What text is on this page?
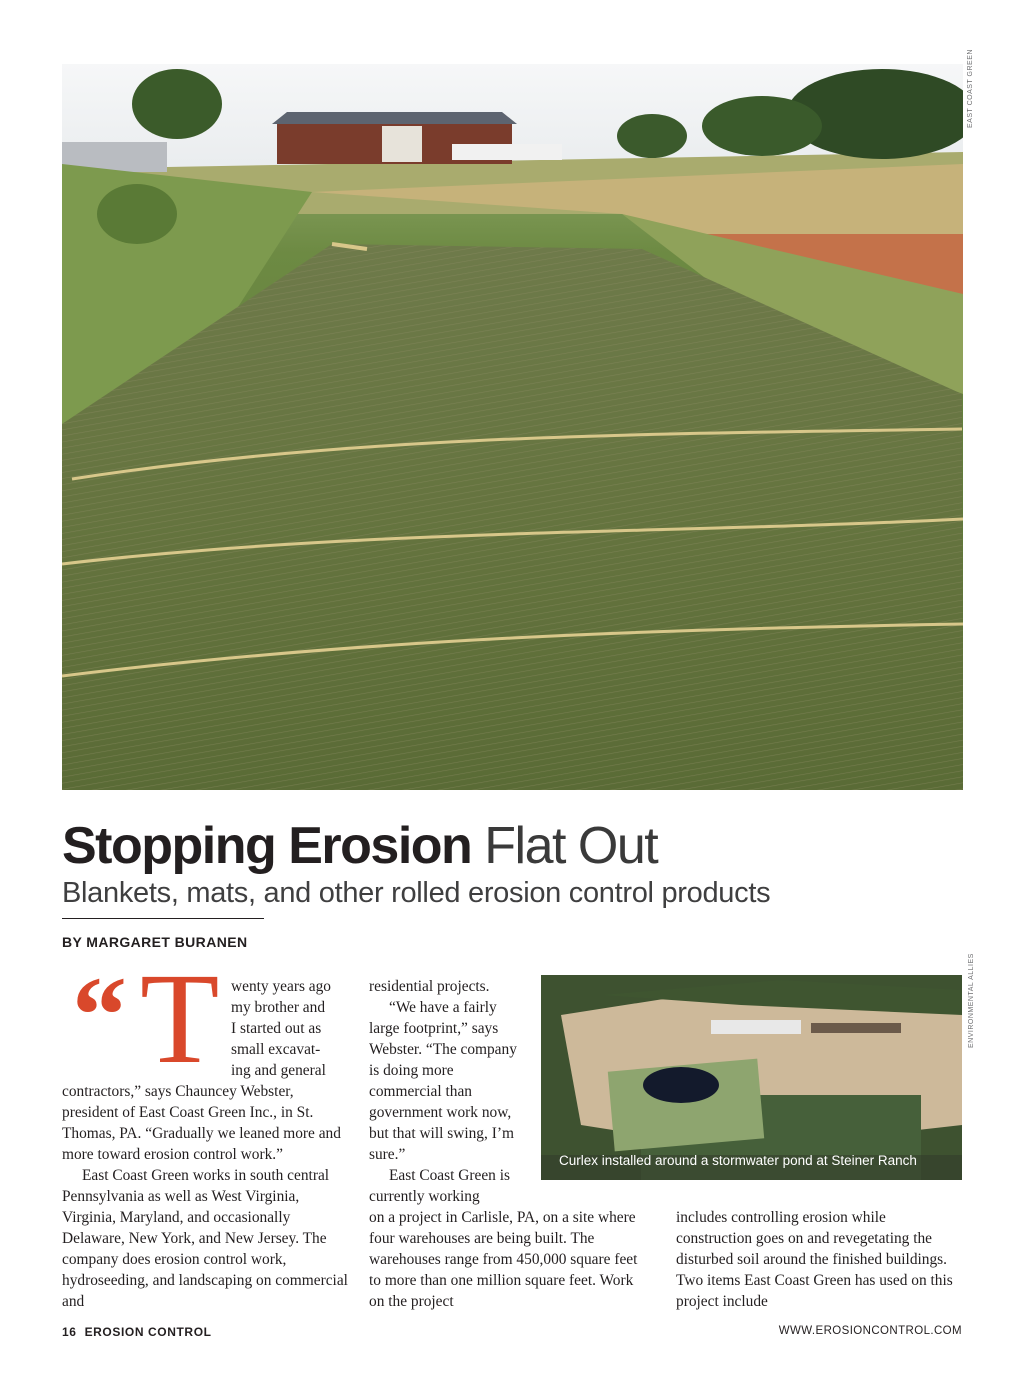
EAST COAST GREEN
Stopping Erosion Flat Out
Blankets, mats, and other rolled erosion control products
BY MARGARET BURANEN
“ T wenty years ago
my brother and
I started out as
small excavat-
ing and general

contractors,” says Chauncey Webster, president of East Coast Green Inc., in St. Thomas, PA. “Gradually we leaned more and more toward erosion control work.”

East Coast Green works in south central Pennsylvania as well as West Virginia, Virginia, Maryland, and occasionally Delaware, New York, and New Jersey. The company does erosion control work, hydroseeding, and landscaping on commercial and

residential projects.

“We have a fairly large footprint,” says Webster. “The company is doing more commercial than government work now, but that will swing, I’m sure.”

East Coast Green is currently working

on a project in Carlisle, PA, on a site where four warehouses are being built. The warehouses range from 450,000 square feet to more than one million square feet. Work on the project

includes controlling erosion while construction goes on and revegetating the disturbed soil around the finished buildings. Two items East Coast Green has used on this project include

Curlex installed around a stormwater pond at Steiner Ranch
ENVIRONMENTAL ALLIES
16 EROSION CONTROL	WWW.EROSIONCONTROL.COM
